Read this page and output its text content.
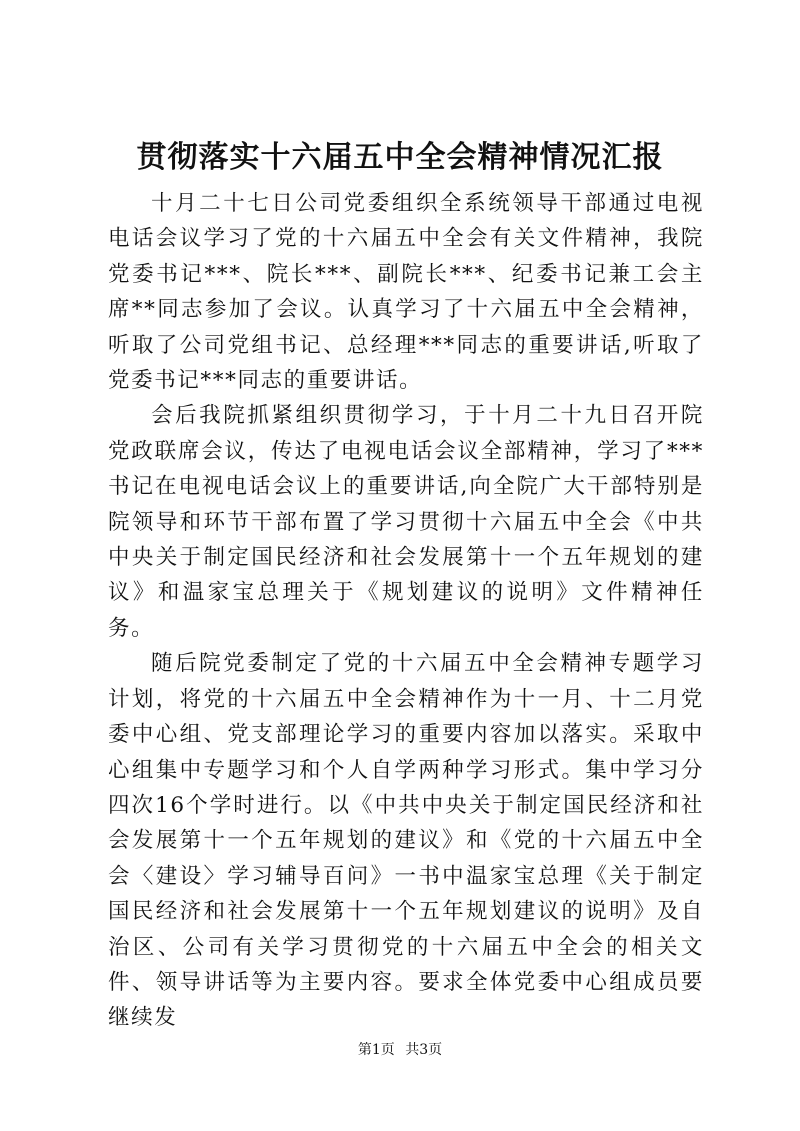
贯彻落实十六届五中全会精神情况汇报

十月二十七日公司党委组织全系统领导干部通过电视电话会议学习了党的十六届五中全会有关文件精神，我院党委书记***、院长***、副院长***、纪委书记兼工会主席**同志参加了会议。认真学习了十六届五中全会精神，听取了公司党组书记、总经理***同志的重要讲话,听取了党委书记***同志的重要讲话。

会后我院抓紧组织贯彻学习，于十月二十九日召开院党政联席会议，传达了电视电话会议全部精神，学习了***书记在电视电话会议上的重要讲话,向全院广大干部特别是院领导和环节干部布置了学习贯彻十六届五中全会《中共中央关于制定国民经济和社会发展第十一个五年规划的建议》和温家宝总理关于《规划建议的说明》文件精神任务。

随后院党委制定了党的十六届五中全会精神专题学习计划，将党的十六届五中全会精神作为十一月、十二月党委中心组、党支部理论学习的重要内容加以落实。采取中心组集中专题学习和个人自学两种学习形式。集中学习分四次16个学时进行。以《中共中央关于制定国民经济和社会发展第十一个五年规划的建议》和《党的十六届五中全会〈建设〉学习辅导百问》一书中温家宝总理《关于制定国民经济和社会发展第十一个五年规划建议的说明》及自治区、公司有关学习贯彻党的十六届五中全会的相关文件、领导讲话等为主要内容。要求全体党委中心组成员要继续发

第1页 共3页
